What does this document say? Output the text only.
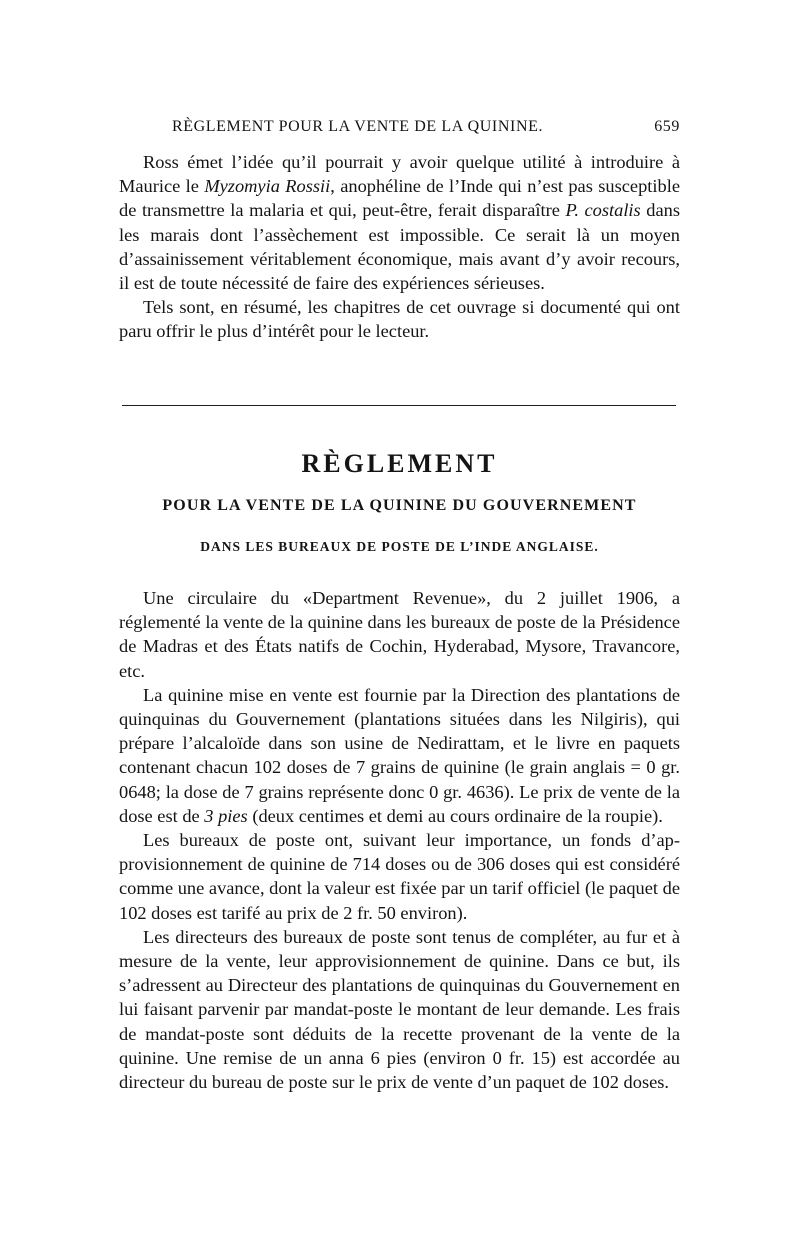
RÈGLEMENT POUR LA VENTE DE LA QUININE.	659

Ross émet l’idée qu’il pourrait y avoir quelque utilité à introduire à Maurice le Myzomyia Rossii, anophéline de l’Inde qui n’est pas susceptible de transmettre la malaria et qui, peut-être, ferait disparaître P. costalis dans les marais dont l’assèchement est impossible. Ce serait là un moyen d’assainissement véritablement économique, mais avant d’y avoir recours, il est de toute nécessité de faire des expériences sérieuses.

Tels sont, en résumé, les chapitres de cet ouvrage si documenté qui ont paru offrir le plus d’intérêt pour le lecteur.

RÈGLEMENT

POUR LA VENTE DE LA QUININE DU GOUVERNEMENT

DANS LES BUREAUX DE POSTE DE L’INDE ANGLAISE.

Une circulaire du «Department Revenue», du 2 juillet 1906, a réglementé la vente de la quinine dans les bureaux de poste de la Présidence de Madras et des États natifs de Cochin, Hyderabad, Mysore, Travancore, etc.

La quinine mise en vente est fournie par la Direction des plantations de quinquinas du Gouvernement (plantations situées dans les Nilgiris), qui prépare l’alcaloïde dans son usine de Nedirattam, et le livre en paquets contenant chacun 102 doses de 7 grains de quinine (le grain anglais = 0 gr. 0648; la dose de 7 grains représente donc 0 gr. 4636). Le prix de vente de la dose est de 3 pies (deux centimes et demi au cours ordinaire de la roupie).

Les bureaux de poste ont, suivant leur importance, un fonds d’approvisionnement de quinine de 714 doses ou de 306 doses qui est considéré comme une avance, dont la valeur est fixée par un tarif officiel (le paquet de 102 doses est tarifé au prix de 2 fr. 50 environ).

Les directeurs des bureaux de poste sont tenus de compléter, au fur et à mesure de la vente, leur approvisionnement de quinine. Dans ce but, ils s’adressent au Directeur des plantations de quinquinas du Gouvernement en lui faisant parvenir par mandat-poste le montant de leur demande. Les frais de mandat-poste sont déduits de la recette provenant de la vente de la quinine. Une remise de un anna 6 pies (environ 0 fr. 15) est accordée au directeur du bureau de poste sur le prix de vente d’un paquet de 102 doses.
